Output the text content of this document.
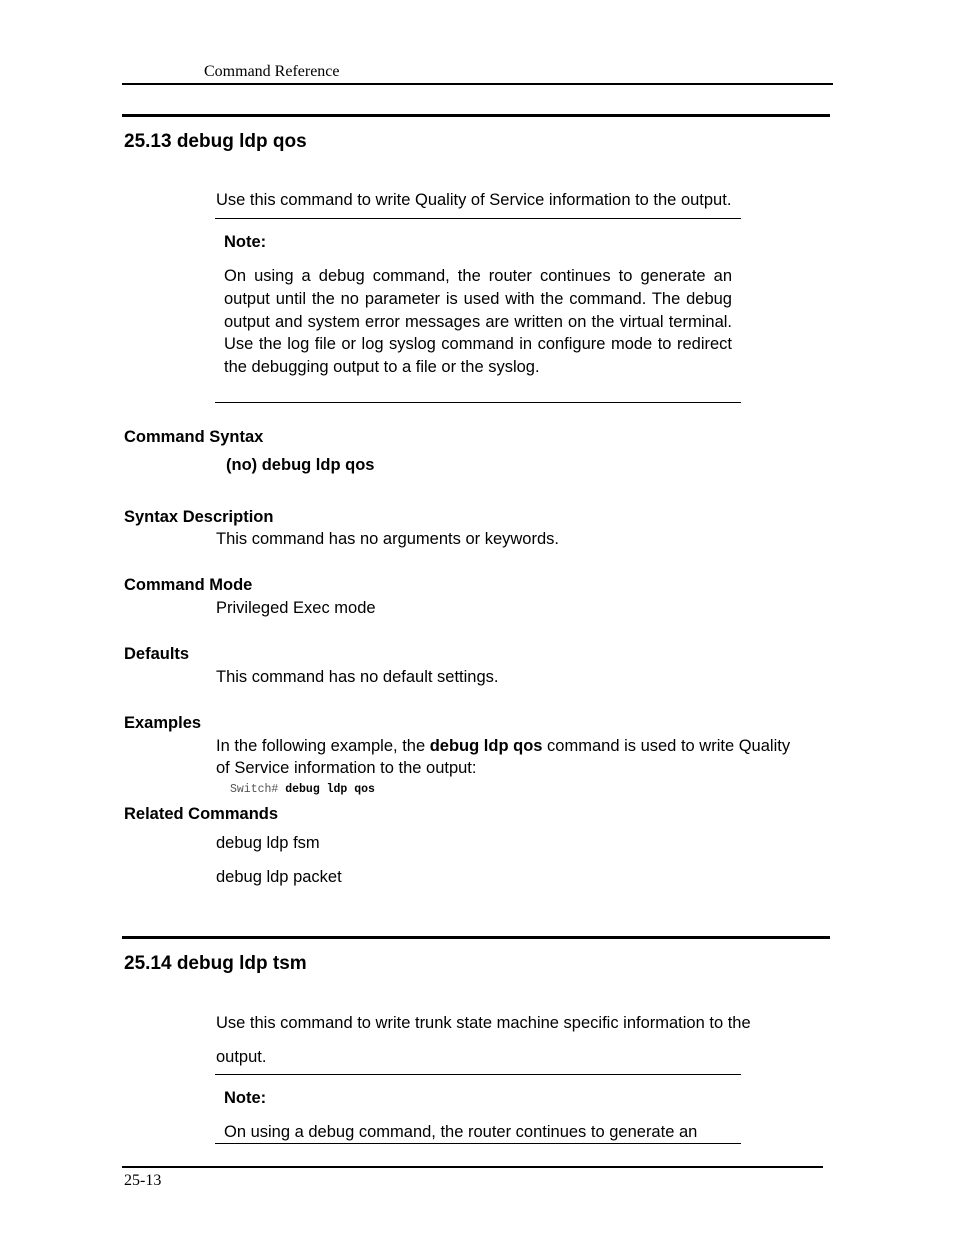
Command Reference
25.13 debug ldp qos
Use this command to write Quality of Service information to the output.
Note:
On using a debug command, the router continues to generate an output until the no parameter is used with the command. The debug output and system error messages are written on the virtual terminal. Use the log file or log syslog command in configure mode to redirect the debugging output to a file or the syslog.
Command Syntax
(no) debug ldp qos
Syntax Description
This command has no arguments or keywords.
Command Mode
Privileged Exec mode
Defaults
This command has no default settings.
Examples
In the following example, the debug ldp qos command is used to write Quality
of Service information to the output:
Switch# debug ldp qos
Related Commands
debug ldp fsm
debug ldp packet
25.14 debug ldp tsm
Use this command to write trunk state machine specific information to the
output.
Note:
On using a debug command, the router continues to generate an
25-13
